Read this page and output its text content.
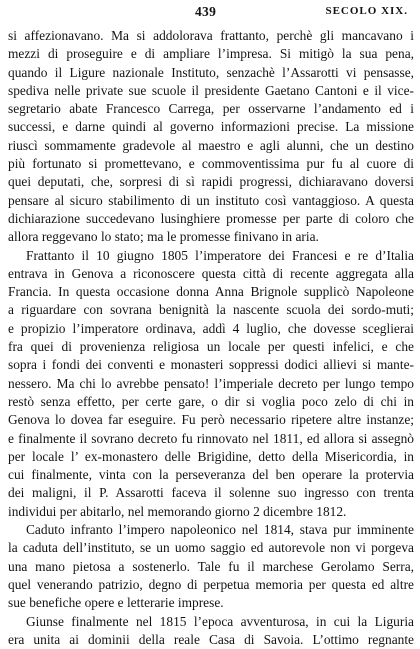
439	SECOLO XIX.
si affezionavano. Ma si addolorava frattanto, perchè gli mancavano i
mezzi di proseguire e di ampliare l’impresa. Si mitigò la sua pena,
quando il Ligure nazionale Instituto, senzachè l’Assarotti vi pensasse,
spediva nelle private sue scuole il presidente Gaetano Cantoni e il vice-
segretario abate Francesco Carrega, per osservarne l’andamento ed i
successi, e darne quindi al governo informazioni precise. La missione
riuscì sommamente gradevole al maestro e agli alunni, che un destino
più fortunato si promettevano, e commoventissima pur fu al cuore di
quei deputati, che, sorpresi di sì rapidi progressi, dichiaravano doversi
pensare al sicuro stabilimento di un instituto così vantaggioso. A questa
dichiarazione succedevano lusinghiere promesse per parte di coloro che
allora reggevano lo stato; ma le promesse finivano in aria.
Frattanto il 10 giugno 1805 l’imperatore dei Francesi e re d’Italia
entrava in Genova a riconoscere questa città di recente aggregata alla
Francia. In questa occasione donna Anna Brignole supplicò Napoleone
a riguardare con sovrana benignità la nascente scuola dei sordo-muti;
e propizio l’imperatore ordinava, addì 4 luglio, che dovesse sceglierai
fra quei di provenienza religiosa un locale per questi infelici, e che
sopra i fondi dei conventi e monasteri soppressi dodici allievi si mante-
nessero. Ma chi lo avrebbe pensato! l’imperiale decreto per lungo tempo
restò senza effetto, per certe gare, o dir si voglia poco zelo di chi in
Genova lo dovea far eseguire. Fu però necessario ripetere altre instanze;
e finalmente il sovrano decreto fu rinnovato nel 1811, ed allora si assegnò
per locale l’ ex-monastero delle Brigidine, detto della Misericordia, in
cui finalmente, vinta con la perseveranza del ben operare la protervia
dei maligni, il P. Assarotti faceva il solenne suo ingresso con trenta
individui per abitarlo, nel memorando giorno 2 dicembre 1812.
Caduto infranto l’impero napoleonico nel 1814, stava pur imminente
la caduta dell’instituto, se un uomo saggio ed autorevole non vi porgeva
una mano pietosa a sostenerlo. Tale fu il marchese Gerolamo Serra,
quel venerando patrizio, degno di perpetua memoria per questa ed altre
sue benefiche opere e letterarie imprese.
Giunse finalmente nel 1815 l’epoca avventurosa, in cui la Liguria
era unita ai dominii della reale Casa di Savoia. L’ottimo regnante
